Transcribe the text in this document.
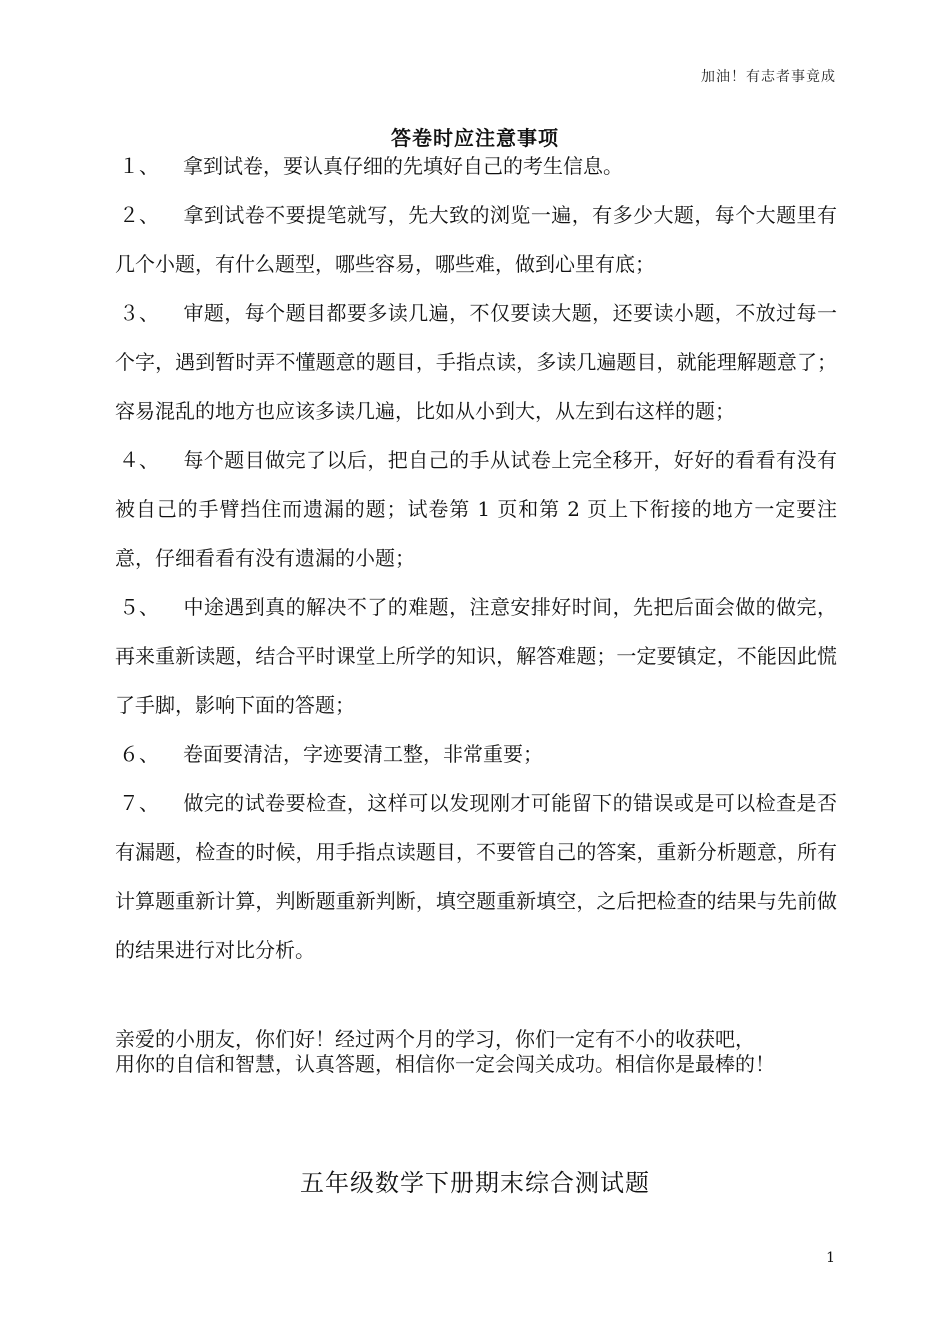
加油！有志者事竟成
答卷时应注意事项
１、 拿到试卷，要认真仔细的先填好自己的考生信息。
２、 拿到试卷不要提笔就写，先大致的浏览一遍，有多少大题，每个大题里有几个小题，有什么题型，哪些容易，哪些难，做到心里有底；
３、 审题，每个题目都要多读几遍，不仅要读大题，还要读小题，不放过每一个字，遇到暂时弄不懂题意的题目，手指点读，多读几遍题目，就能理解题意了；容易混乱的地方也应该多读几遍，比如从小到大，从左到右这样的题；
４、 每个题目做完了以后，把自己的手从试卷上完全移开，好好的看看有没有被自己的手臂挡住而遗漏的题；试卷第 1 页和第 2 页上下衔接的地方一定要注意，仔细看看有没有遗漏的小题；
５、 中途遇到真的解决不了的难题，注意安排好时间，先把后面会做的做完，再来重新读题，结合平时课堂上所学的知识，解答难题；一定要镇定，不能因此慌了手脚，影响下面的答题；
６、 卷面要清洁，字迹要清工整，非常重要；
７、 做完的试卷要检查，这样可以发现刚才可能留下的错误或是可以检查是否有漏题，检查的时候，用手指点读题目，不要管自己的答案，重新分析题意，所有计算题重新计算，判断题重新判断，填空题重新填空，之后把检查的结果与先前做的结果进行对比分析。
亲爱的小朋友，你们好！经过两个月的学习，你们一定有不小的收获吧，
用你的自信和智慧，认真答题，相信你一定会闯关成功。相信你是最棒的！
五年级数学下册期末综合测试题
1
